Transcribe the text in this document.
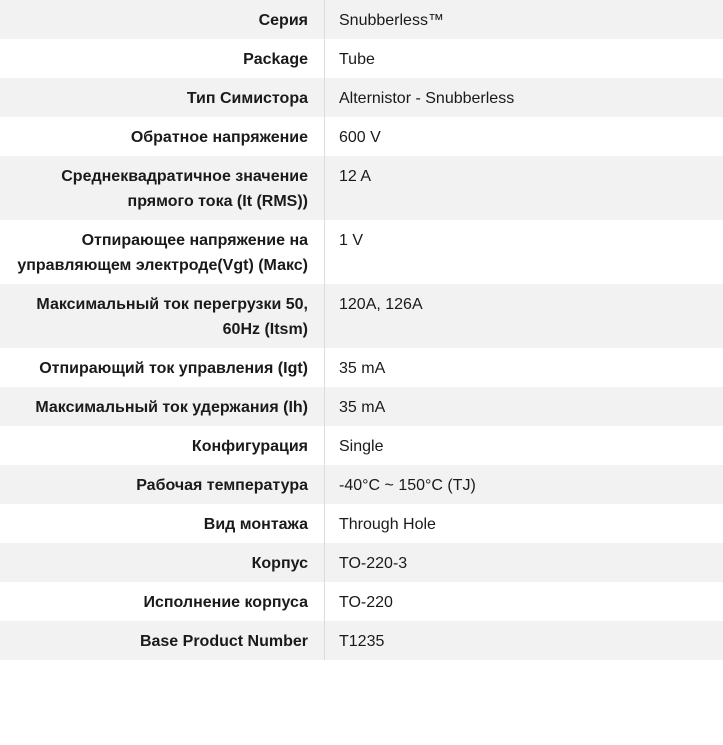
Серия	Snubberless™
Package	Tube
Тип Симистора	Alternistor - Snubberless
Обратное напряжение	600 V
Среднеквадратичное значение прямого тока (It (RMS))	12 A
Отпирающее напряжение на управляющем электроде(Vgt) (Макс)	1 V
Максимальный ток перегрузки 50, 60Hz (Itsm)	120A, 126A
Отпирающий ток управления (Igt)	35 mA
Максимальный ток удержания (Ih)	35 mA
Конфигурация	Single
Рабочая температура	-40°C ~ 150°C (TJ)
Вид монтажа	Through Hole
Корпус	TO-220-3
Исполнение корпуса	TO-220
Base Product Number	T1235
